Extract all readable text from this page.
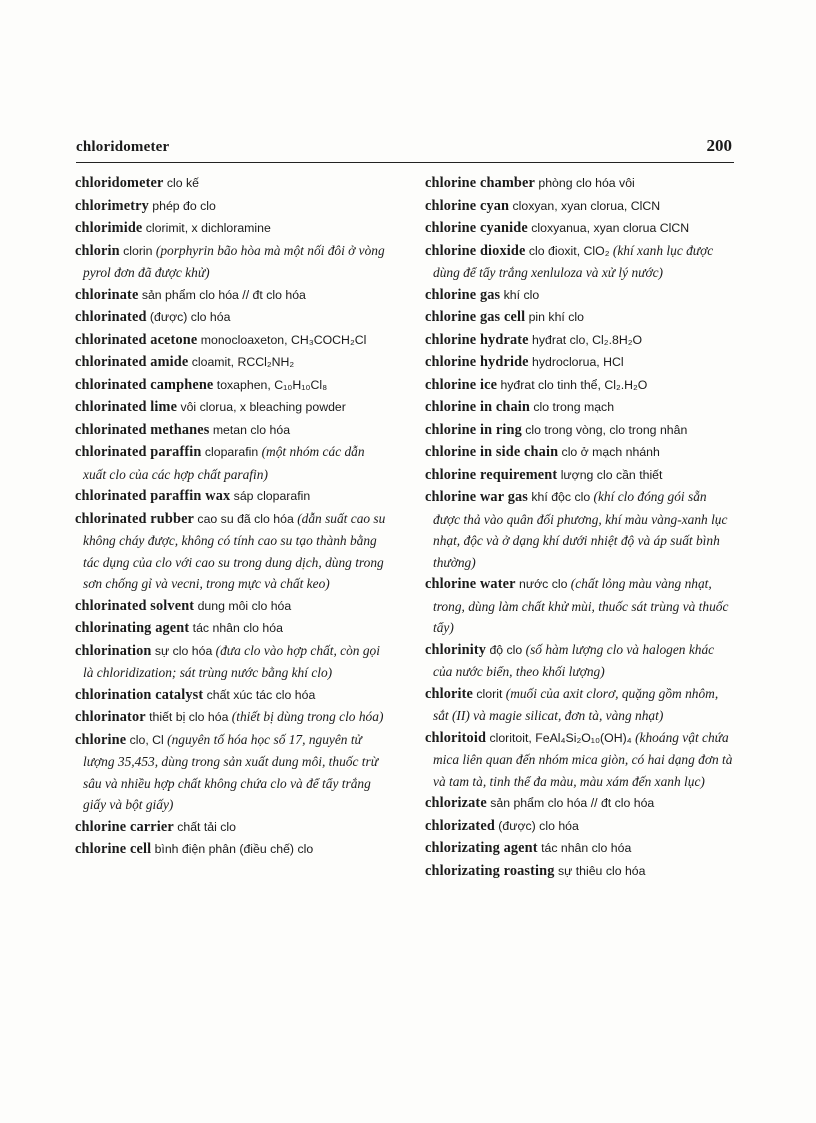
chloridometer	200

chloridometer clo kế

chlorimetry phép đo clo

chlorimide clorimit, x dichloramine

chlorin clorin (porphyrin bão hòa mà một nối đôi ở vòng pyrol đơn đã được khử)

chlorinate sản phẩm clo hóa // đt clo hóa

chlorinated (được) clo hóa

chlorinated acetone monocloaxeton, CH₃COCH₂Cl

chlorinated amide cloamit, RCCl₂NH₂

chlorinated camphene toxaphen, C₁₀H₁₀Cl₈

chlorinated lime vôi clorua, x bleaching powder

chlorinated methanes metan clo hóa

chlorinated paraffin cloparafin (một nhóm các dẫn xuất clo của các hợp chất parafin)

chlorinated paraffin wax sáp cloparafin

chlorinated rubber cao su đã clo hóa (dẫn suất cao su không cháy được, không có tính cao su tạo thành bằng tác dụng của clo với cao su trong dung dịch, dùng trong sơn chống gỉ và vecni, trong mực và chất keo)

chlorinated solvent dung môi clo hóa

chlorinating agent tác nhân clo hóa

chlorination sự clo hóa (đưa clo vào hợp chất, còn gọi là chloridization; sát trùng nước bằng khí clo)

chlorination catalyst chất xúc tác clo hóa

chlorinator thiết bị clo hóa (thiết bị dùng trong clo hóa)

chlorine clo, Cl (nguyên tố hóa học số 17, nguyên tử lượng 35,453, dùng trong sản xuất dung môi, thuốc trừ sâu và nhiều hợp chất không chứa clo và để tẩy trắng giấy và bột giấy)

chlorine carrier chất tải clo

chlorine cell bình điện phân (điều chế) clo

chlorine chamber phòng clo hóa vôi

chlorine cyan cloxyan, xyan clorua, ClCN

chlorine cyanide cloxyanua, xyan clorua ClCN

chlorine dioxide clo đioxit, ClO₂ (khí xanh lục được dùng để tẩy trắng xenluloza và xử lý nước)

chlorine gas khí clo

chlorine gas cell pin khí clo

chlorine hydrate hyđrat clo, Cl₂.8H₂O

chlorine hydride hydroclorua, HCl

chlorine ice hyđrat clo tinh thể, Cl₂.H₂O

chlorine in chain clo trong mạch

chlorine in ring clo trong vòng, clo trong nhân

chlorine in side chain clo ở mạch nhánh

chlorine requirement lượng clo cần thiết

chlorine war gas khí độc clo (khí clo đóng gói sẵn được thả vào quân đối phương, khí màu vàng-xanh lục nhạt, độc và ở dạng khí dưới nhiệt độ và áp suất bình thường)

chlorine water nước clo (chất lỏng màu vàng nhạt, trong, dùng làm chất khử mùi, thuốc sát trùng và thuốc tẩy)

chlorinity độ clo (số hàm lượng clo và halogen khác của nước biển, theo khối lượng)

chlorite clorit (muối của axit clorơ, quặng gồm nhôm, sắt (II) và magie silicat, đơn tà, vàng nhạt)

chloritoid cloritoit, FeAl₄Si₂O₁₀(OH)₄ (khoáng vật chứa mica liên quan đến nhóm mica giòn, có hai dạng đơn tà và tam tà, tinh thể đa màu, màu xám đến xanh lục)

chlorizate sản phẩm clo hóa // đt clo hóa

chlorizated (được) clo hóa

chlorizating agent tác nhân clo hóa

chlorizating roasting sự thiêu clo hóa
